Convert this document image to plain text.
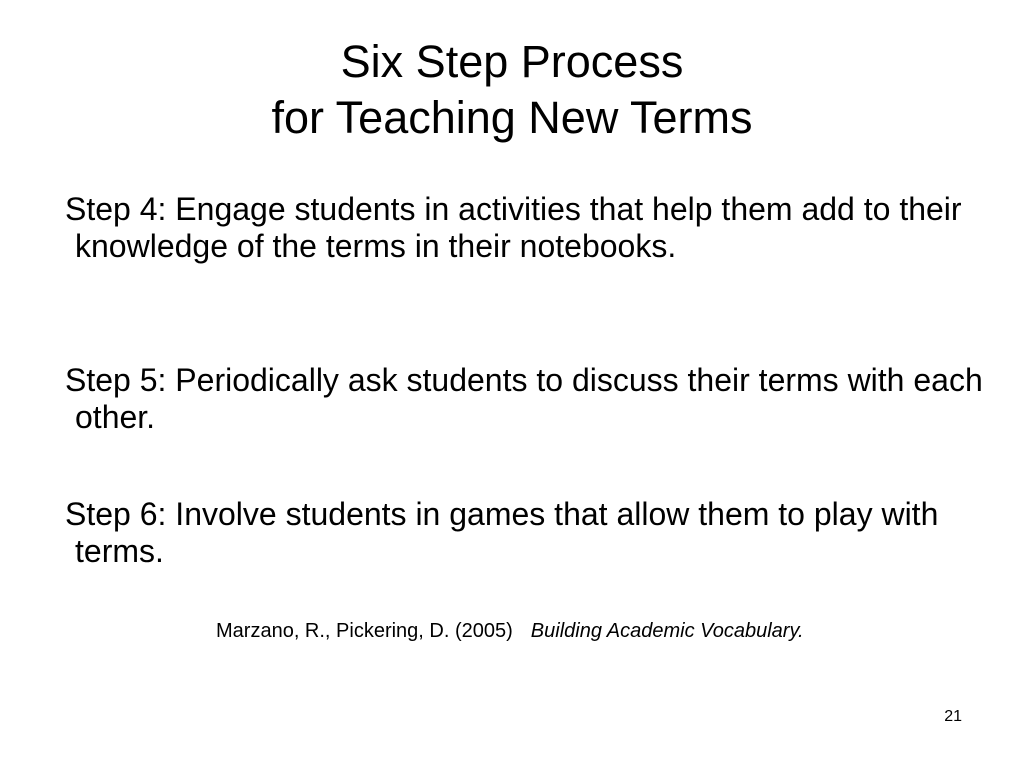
Six Step Process
for Teaching New Terms
Step 4: Engage students in activities that help them add to their knowledge of the terms in their notebooks.
Step 5: Periodically ask students to discuss their terms with each other.
Step 6: Involve students in games that allow them to play with terms.
Marzano, R., Pickering, D. (2005) Building Academic Vocabulary.
21
